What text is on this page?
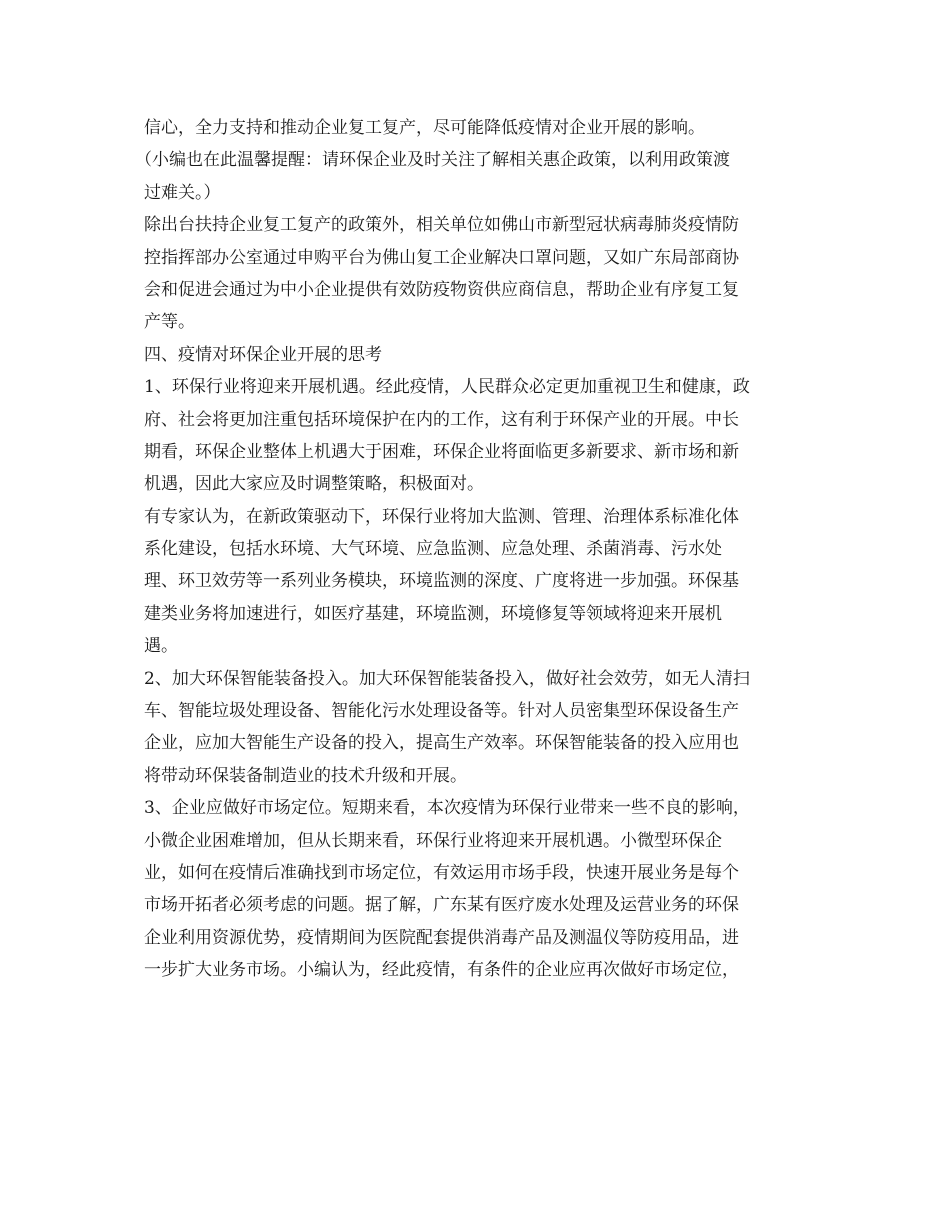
信心，全力支持和推动企业复工复产，尽可能降低疫情对企业开展的影响。
（小编也在此温馨提醒：请环保企业及时关注了解相关惠企政策，以利用政策渡
过难关。）
除出台扶持企业复工复产的政策外，相关单位如佛山市新型冠状病毒肺炎疫情防
控指挥部办公室通过申购平台为佛山复工企业解决口罩问题，又如广东局部商协
会和促进会通过为中小企业提供有效防疫物资供应商信息，帮助企业有序复工复
产等。
四、疫情对环保企业开展的思考
1、环保行业将迎来开展机遇。经此疫情，人民群众必定更加重视卫生和健康，政
府、社会将更加注重包括环境保护在内的工作，这有利于环保产业的开展。中长
期看，环保企业整体上机遇大于困难，环保企业将面临更多新要求、新市场和新
机遇，因此大家应及时调整策略，积极面对。
有专家认为，在新政策驱动下，环保行业将加大监测、管理、治理体系标准化体
系化建设，包括水环境、大气环境、应急监测、应急处理、杀菌消毒、污水处
理、环卫效劳等一系列业务模块，环境监测的深度、广度将进一步加强。环保基
建类业务将加速进行，如医疗基建，环境监测，环境修复等领域将迎来开展机
遇。
2、加大环保智能装备投入。加大环保智能装备投入，做好社会效劳，如无人清扫
车、智能垃圾处理设备、智能化污水处理设备等。针对人员密集型环保设备生产
企业，应加大智能生产设备的投入，提高生产效率。环保智能装备的投入应用也
将带动环保装备制造业的技术升级和开展。
3、企业应做好市场定位。短期来看，本次疫情为环保行业带来一些不良的影响，
小微企业困难增加，但从长期来看，环保行业将迎来开展机遇。小微型环保企
业，如何在疫情后准确找到市场定位，有效运用市场手段，快速开展业务是每个
市场开拓者必须考虑的问题。据了解，广东某有医疗废水处理及运营业务的环保
企业利用资源优势，疫情期间为医院配套提供消毒产品及测温仪等防疫用品，进
一步扩大业务市场。小编认为，经此疫情，有条件的企业应再次做好市场定位，
